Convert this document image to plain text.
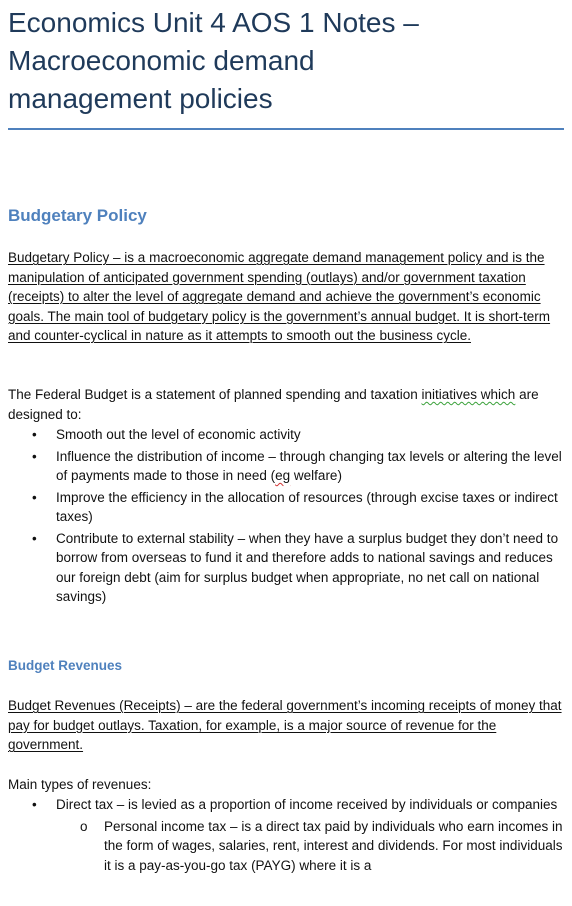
Economics Unit 4 AOS 1 Notes –
Macroeconomic demand
management policies
Budgetary Policy

Budgetary Policy – is a macroeconomic aggregate demand management policy and is the manipulation of anticipated government spending (outlays) and/or government taxation (receipts) to alter the level of aggregate demand and achieve the government’s economic goals. The main tool of budgetary policy is the government’s annual budget. It is short-term and counter-cyclical in nature as it attempts to smooth out the business cycle.

The Federal Budget is a statement of planned spending and taxation initiatives which are designed to:

• Smooth out the level of economic activity
• Influence the distribution of income – through changing tax levels or altering the level of payments made to those in need (eg welfare)
• Improve the efficiency in the allocation of resources (through excise taxes or indirect taxes)
• Contribute to external stability – when they have a surplus budget they don’t need to borrow from overseas to fund it and therefore adds to national savings and reduces our foreign debt (aim for surplus budget when appropriate, no net call on national savings)
Budget Revenues

Budget Revenues (Receipts) – are the federal government’s incoming receipts of money that pay for budget outlays. Taxation, for example, is a major source of revenue for the government.

Main types of revenues:

• Direct tax – is levied as a proportion of income received by individuals or companies
o Personal income tax – is a direct tax paid by individuals who earn incomes in the form of wages, salaries, rent, interest and dividends. For most individuals it is a pay-as-you-go tax (PAYG) where it is a
